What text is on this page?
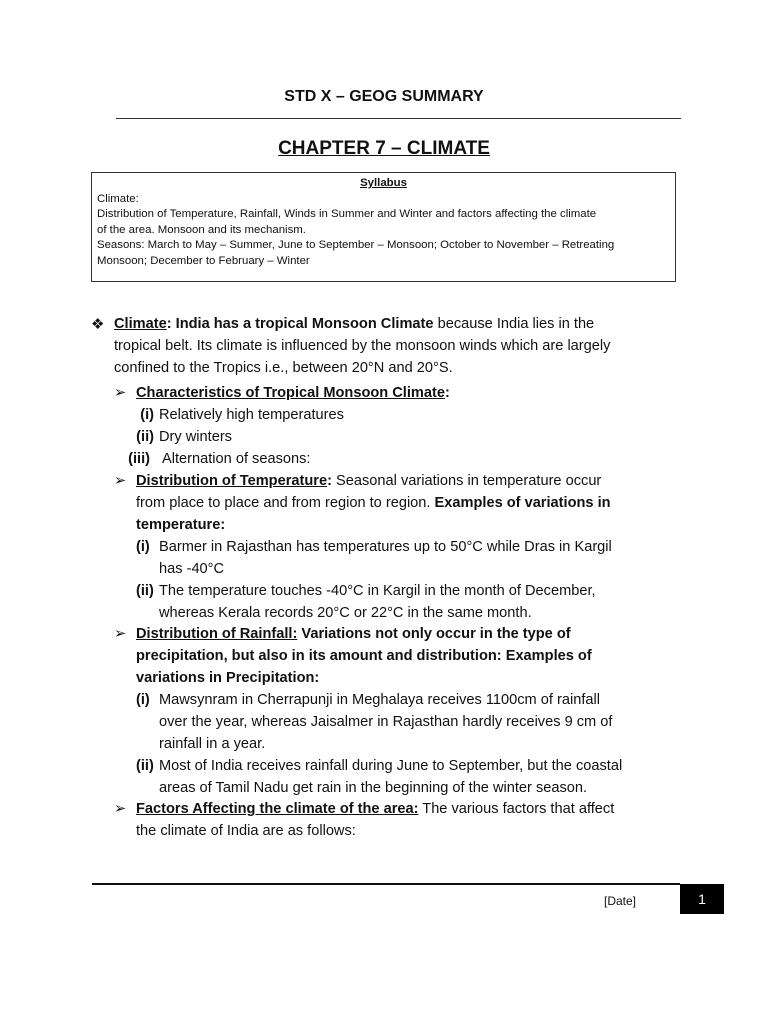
STD X – GEOG SUMMARY
CHAPTER 7 – CLIMATE
Syllabus
Climate:
Distribution of Temperature, Rainfall, Winds in Summer and Winter and factors affecting the climate
of the area. Monsoon and its mechanism.
Seasons: March to May – Summer, June to September – Monsoon; October to November – Retreating
Monsoon; December to February – Winter
❖ Climate: India has a tropical Monsoon Climate because India lies in the
tropical belt. Its climate is influenced by the monsoon winds which are largely
confined to the Tropics i.e., between 20°N and 20°S.
➢ Characteristics of Tropical Monsoon Climate:
(i) Relatively high temperatures
(ii) Dry winters
(iii) Alternation of seasons:
➢ Distribution of Temperature: Seasonal variations in temperature occur
from place to place and from region to region. Examples of variations in
temperature:
(i) Barmer in Rajasthan has temperatures up to 50°C while Dras in Kargil
has -40°C
(ii) The temperature touches -40°C in Kargil in the month of December,
whereas Kerala records 20°C or 22°C in the same month.
➢ Distribution of Rainfall: Variations not only occur in the type of
precipitation, but also in its amount and distribution: Examples of
variations in Precipitation:
(i) Mawsynram in Cherrapunji in Meghalaya receives 1100cm of rainfall
over the year, whereas Jaisalmer in Rajasthan hardly receives 9 cm of
rainfall in a year.
(ii) Most of India receives rainfall during June to September, but the coastal
areas of Tamil Nadu get rain in the beginning of the winter season.
➢ Factors Affecting the climate of the area: The various factors that affect
the climate of India are as follows:
[Date]	1
